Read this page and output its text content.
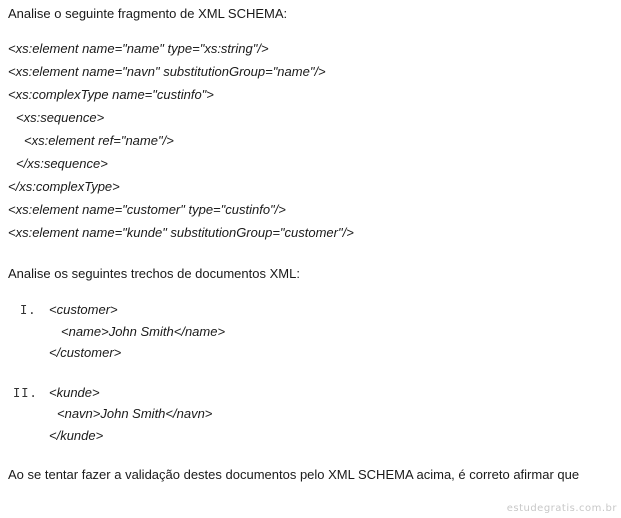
Analise o seguinte fragmento de XML SCHEMA:
<xs:element name="name" type="xs:string"/>
<xs:element name="navn" substitutionGroup="name"/>
<xs:complexType name="custinfo">
<xs:sequence>
<xs:element ref="name"/>
</xs:sequence>
</xs:complexType>
<xs:element name="customer" type="custinfo"/>
<xs:element name="kunde" substitutionGroup="customer"/>
Analise os seguintes trechos de documentos XML:
I. <customer>
<name>John Smith</name>
</customer>
II. <kunde>
<navn>John Smith</navn>
</kunde>
Ao se tentar fazer a validação destes documentos pelo XML SCHEMA acima, é correto afirmar que
estudegratis.com.br
